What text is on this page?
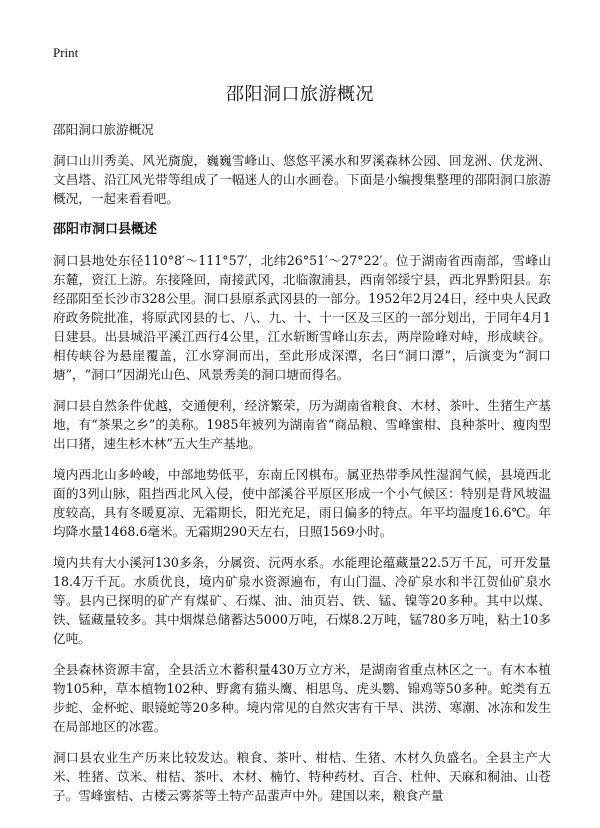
Print
邵阳洞口旅游概况

邵阳洞口旅游概况

洞口山川秀美、风光旖旎，巍巍雪峰山、悠悠平溪水和罗溪森林公园、回龙洲、伏龙洲、文昌塔、沿江风光带等组成了一幅迷人的山水画卷。下面是小编搜集整理的邵阳洞口旅游概况，一起来看看吧。

邵阳市洞口县概述

洞口县地处东径110°8′～111°57′，北纬26°51′～27°22′。位于湖南省西南部，雪峰山东麓，资江上游。东接隆回，南接武冈，北临溆浦县，西南邻绥宁县，西北界黔阳县。东经邵阳至长沙市328公里。洞口县原系武冈县的一部分。1952年2月24日，经中央人民政府政务院批准，将原武冈县的七、八、九、十、十一区及三区的一部分划出，于同年4月1日建县。出县城沿平溪江西行4公里，江水斩断雪峰山东去，两岸险峰对峙，形成峡谷。相传峡谷为悬崖覆盖，江水穿洞而出，至此形成深潭，名曰“洞口潭”，后演变为“洞口塘”，“洞口”因湖光山色、风景秀美的洞口塘而得名。

洞口县自然条件优越，交通便利，经济繁荣，历为湖南省粮食、木材、茶叶、生猪生产基地，有“茶果之乡”的美称。1985年被列为湖南省“商品粮、雪峰蜜柑、良种茶叶、瘦肉型出口猪，速生杉木林”五大生产基地。

境内西北山多岭峻，中部地势低平，东南丘冈棋布。属亚热带季风性湿润气候，县境西北面的3列山脉，阻挡西北风入侵，使中部溪谷平原区形成一个小气候区：特别是背风坡温度较高，具有冬暖夏凉、无霜期长，阳光充足，雨日偏多的特点。年平均温度16.6℃。年均降水量1468.6毫米。无霜期290天左右，日照1569小时。

境内共有大小溪河130多条，分属资、沅两水系。水能理论蕴藏量22.5万千瓦，可开发量18.4万千瓦。水质优良，境内矿泉水资源遍布，有山门温、冷矿泉水和半江贺仙矿泉水等。县内已探明的矿产有煤矿、石煤、油、油页岩、铁、锰、镍等20多种。其中以煤、铁、锰藏量较多。其中烟煤总储蓄达5000万吨，石煤8.2万吨，锰780多万吨，粘土10多亿吨。

全县森林资源丰富，全县活立木蓄积量430万立方米，是湖南省重点林区之一。有木本植物105种，草本植物102种、野禽有猫头鹰、相思鸟、虎头鹦、锦鸡等50多种。蛇类有五步蛇、金杯蛇、眼镜蛇等20多种。境内常见的自然灾害有干旱、洪涝、寒潮、冰冻和发生在局部地区的冰雹。

洞口县农业生产历来比较发达。粮食、茶叶、柑桔、生猪、木材久负盛名。全县主产大米、牲猪、苡米、柑桔、茶叶、木材、楠竹、特种药材、百合、杜仲、天麻和桐油、山苍子。雪峰蜜桔、古楼云雾茶等土特产品蜚声中外。建国以来，粮食产量
